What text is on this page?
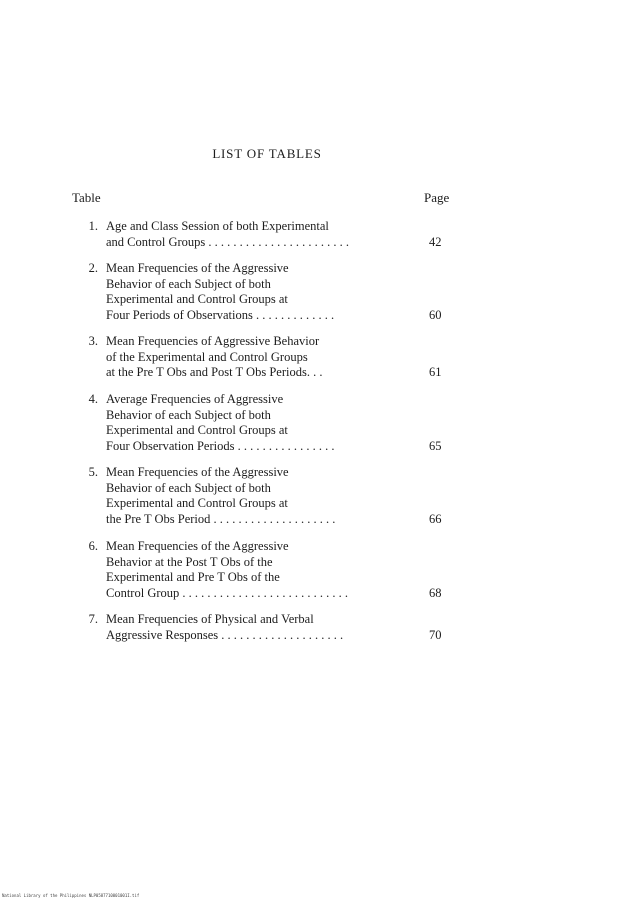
LIST OF TABLES
Table	Page
1. Age and Class Session of both Experimental
and Control Groups . . . . . . . . . . . . . . . . . . . . . . .	42
2. Mean Frequencies of the Aggressive
Behavior of each Subject of both
Experimental and Control Groups at
Four Periods of Observations . . . . . . . . . . . . .	60
3. Mean Frequencies of Aggressive Behavior
of the Experimental and Control Groups
at the Pre T Obs and Post T Obs Periods. . .	61
4. Average Frequencies of Aggressive
Behavior of each Subject of both
Experimental and Control Groups at
Four Observation Periods . . . . . . . . . . . . . . . .	65
5. Mean Frequencies of the Aggressive
Behavior of each Subject of both
Experimental and Control Groups at
the Pre T Obs Period . . . . . . . . . . . . . . . . . . . .	66
6. Mean Frequencies of the Aggressive
Behavior at the Post T Obs of the
Experimental and Pre T Obs of the
Control Group . . . . . . . . . . . . . . . . . . . . . . . . . . .	68
7. Mean Frequencies of Physical and Verbal
Aggressive Responses . . . . . . . . . . . . . . . . . . . .	70
National Library of the Philippines NLP0587710001001I.tif
